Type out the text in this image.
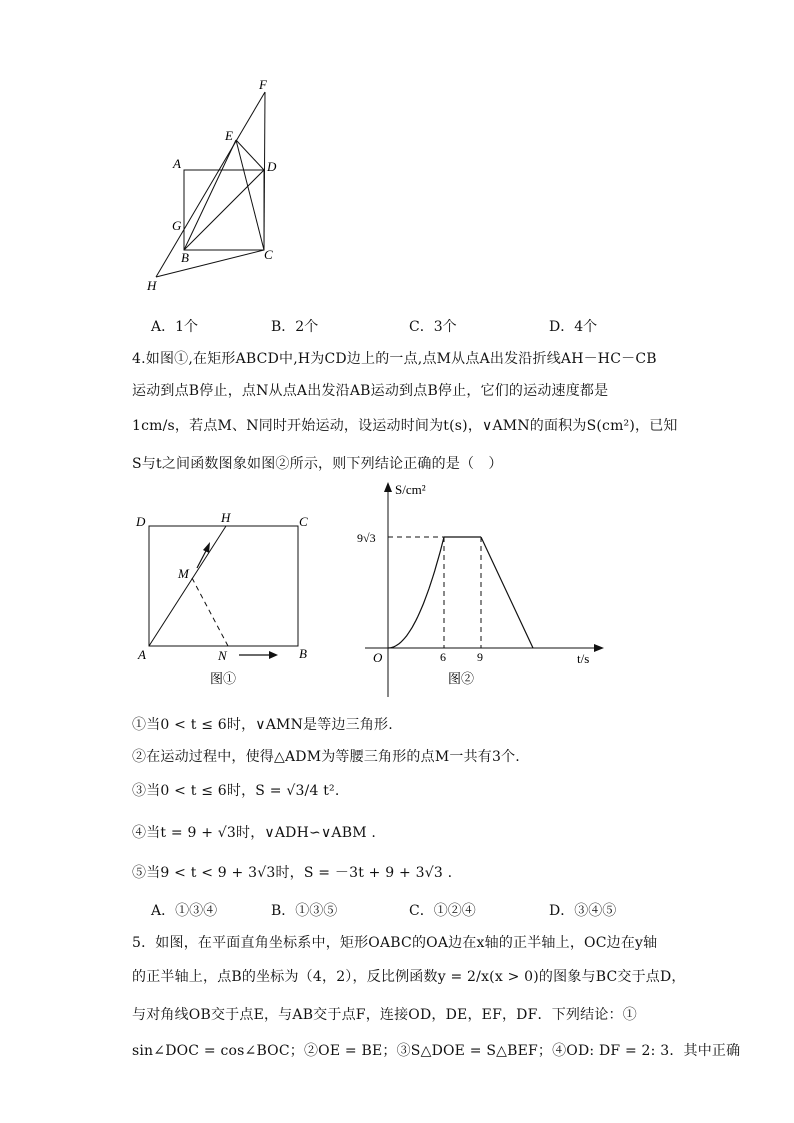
F
E
A	D
G
B	C
H
A．1个	B．2个	C．3个	D．4个
4.如图①,在矩形ABCD中,H为CD边上的一点,点M从点A出发沿折线AH－HC－CB
运动到点B停止，点N从点A出发沿AB运动到点B停止，它们的运动速度都是
1cm/s，若点M、N同时开始运动，设运动时间为t(s)，∨AMN的面积为S(cm²)，已知
S与t之间函数图象如图②所示，则下列结论正确的是（　）
D	H	C
M
A	N	B
图①
S/cm²
9√3
O	6	9	t/s
图②
①当0 < t ≤ 6时，∨AMN是等边三角形.
②在运动过程中，使得△ADM为等腰三角形的点M一共有3个.
③当0 < t ≤ 6时，S = √3/4 t².
④当t = 9 + √3时，∨ADH∽∨ABM .
⑤当9 < t < 9 + 3√3时，S = －3t + 9 + 3√3 .
A．①③④	B．①③⑤	C．①②④	D．③④⑤
5．如图，在平面直角坐标系中，矩形OABC的OA边在x轴的正半轴上，OC边在y轴
的正半轴上，点B的坐标为（4，2），反比例函数y = 2/x(x > 0)的图象与BC交于点D，
与对角线OB交于点E，与AB交于点F，连接OD，DE，EF，DF．下列结论：①
sin∠DOC = cos∠BOC；②OE = BE；③S△DOE = S△BEF；④OD: DF = 2: 3．其中正确
